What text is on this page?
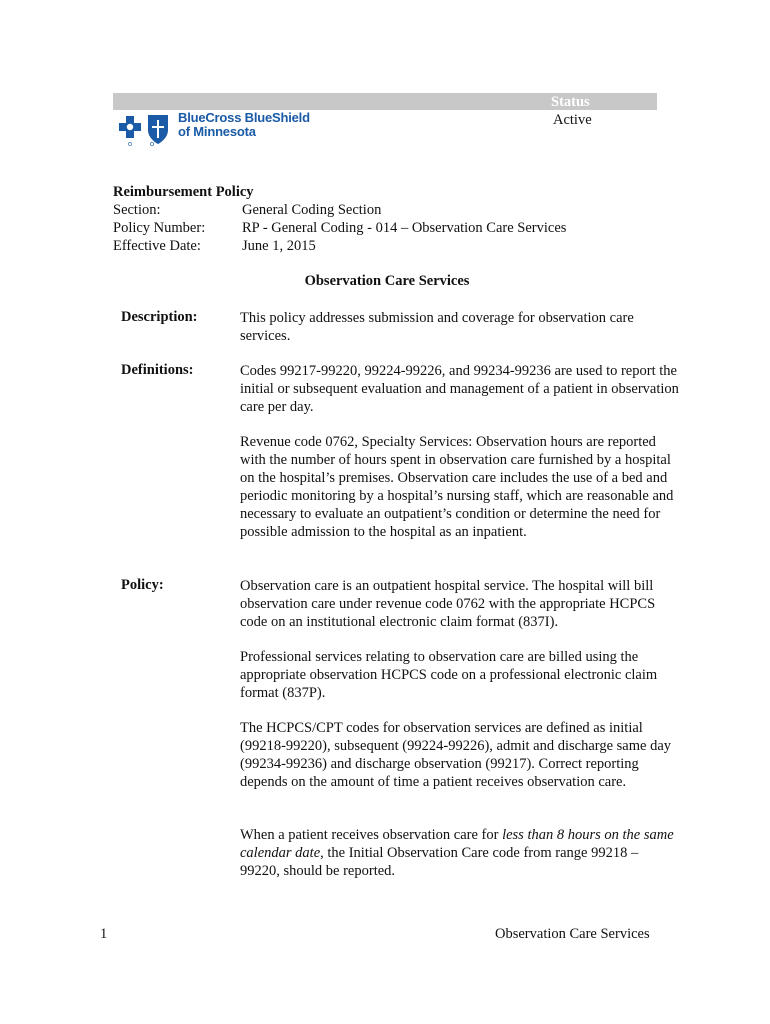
Status
Active
BlueCross BlueShield
of Minnesota
Reimbursement Policy
Section:	General Coding Section
Policy Number:	RP - General Coding - 014 – Observation Care Services
Effective Date:	June 1, 2015
Observation Care Services
Description:	This policy addresses submission and coverage for observation care services.
Definitions:	Codes 99217-99220, 99224-99226, and 99234-99236 are used to report the initial or subsequent evaluation and management of a patient in observation care per day.
Revenue code 0762, Specialty Services: Observation hours are reported with the number of hours spent in observation care furnished by a hospital on the hospital’s premises. Observation care includes the use of a bed and periodic monitoring by a hospital’s nursing staff, which are reasonable and necessary to evaluate an outpatient’s condition or determine the need for possible admission to the hospital as an inpatient.
Policy:	Observation care is an outpatient hospital service. The hospital will bill observation care under revenue code 0762 with the appropriate HCPCS code on an institutional electronic claim format (837I).
Professional services relating to observation care are billed using the appropriate observation HCPCS code on a professional electronic claim format (837P).
The HCPCS/CPT codes for observation services are defined as initial (99218-99220), subsequent (99224-99226), admit and discharge same day (99234-99236) and discharge observation (99217). Correct reporting depends on the amount of time a patient receives observation care.
When a patient receives observation care for less than 8 hours on the same calendar date, the Initial Observation Care code from range 99218 – 99220, should be reported.
1	Observation Care Services
